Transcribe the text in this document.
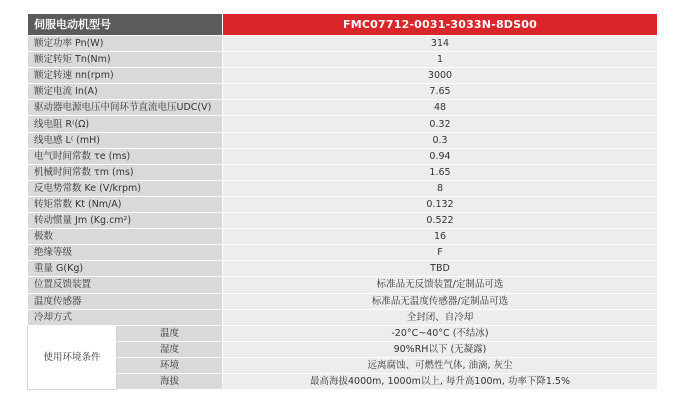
伺服电动机型号		FMC07712-0031-3033N-8DS00
额定功率 Pn(W)		314
额定转矩 Tn(Nm)		1
额定转速 nn(rpm)		3000
额定电流 In(A)		7.65
驱动器电源电压中间环节直流电压UDC(V)		48
线电阻 R⁽(Ω)		0.32
线电感 L⁽ (mH)		0.3
电气时间常数 τe (ms)		0.94
机械时间常数 τm (ms)		1.65
反电势常数 Ke (V/krpm)		8
转矩常数 Kt (Nm/A)		0.132
转动惯量 Jm (Kg.cm²)		0.522
极数		16
绝缘等级		F
重量 G(Kg)		TBD
位置反馈装置		标准品无反馈装置/定制品可选
温度传感器		标准品无温度传感器/定制品可选
冷却方式		全封闭、自冷却
使用环境条件	温度	-20°C~40°C (不结冰)
	湿度	90%RH以下 (无凝露)
	环境	远离腐蚀、可燃性气体, 油滴, 灰尘
	海拔	最高海拔4000m, 1000m以上, 每升高100m, 功率下降1.5%
